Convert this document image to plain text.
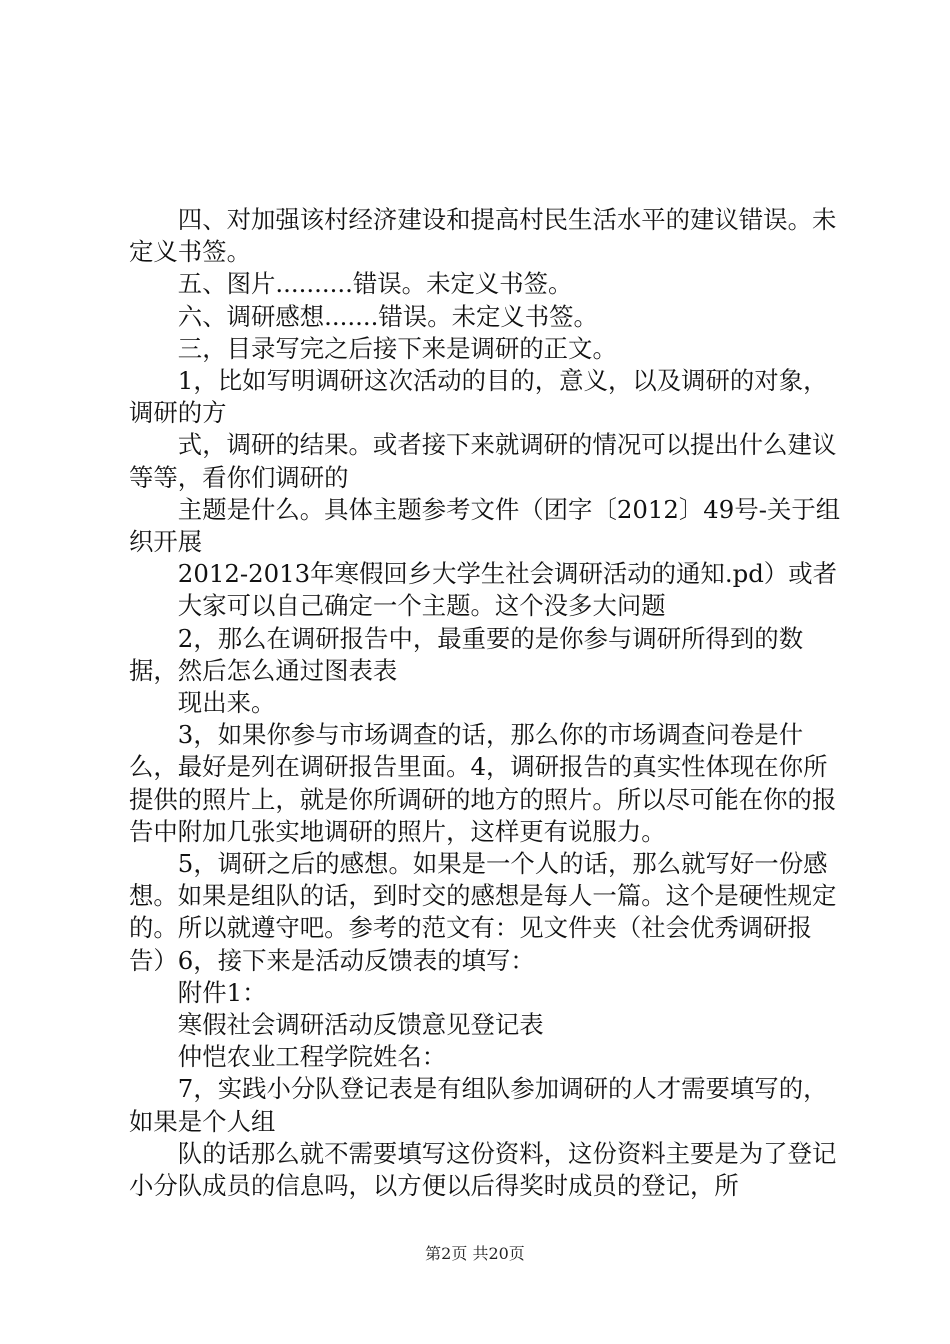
四、对加强该村经济建设和提高村民生活水平的建议错误。未定义书签。

五、图片..........错误。未定义书签。

六、调研感想.......错误。未定义书签。

三，目录写完之后接下来是调研的正文。

1，比如写明调研这次活动的目的，意义，以及调研的对象，调研的方

式，调研的结果。或者接下来就调研的情况可以提出什么建议等等，看你们调研的

主题是什么。具体主题参考文件（团字〔2012〕49号-关于组织开展

2012-2013年寒假回乡大学生社会调研活动的通知.pd）或者

大家可以自己确定一个主题。这个没多大问题

2，那么在调研报告中，最重要的是你参与调研所得到的数据，然后怎么通过图表表

现出来。

3，如果你参与市场调查的话，那么你的市场调查问卷是什么，最好是列在调研报告里面。4，调研报告的真实性体现在你所提供的照片上，就是你所调研的地方的照片。所以尽可能在你的报告中附加几张实地调研的照片，这样更有说服力。

5，调研之后的感想。如果是一个人的话，那么就写好一份感想。如果是组队的话，到时交的感想是每人一篇。这个是硬性规定的。所以就遵守吧。参考的范文有：见文件夹（社会优秀调研报告）6，接下来是活动反馈表的填写：

附件1：

寒假社会调研活动反馈意见登记表

仲恺农业工程学院姓名：

7，实践小分队登记表是有组队参加调研的人才需要填写的，如果是个人组

队的话那么就不需要填写这份资料，这份资料主要是为了登记小分队成员的信息吗，以方便以后得奖时成员的登记，所

第2页 共20页
